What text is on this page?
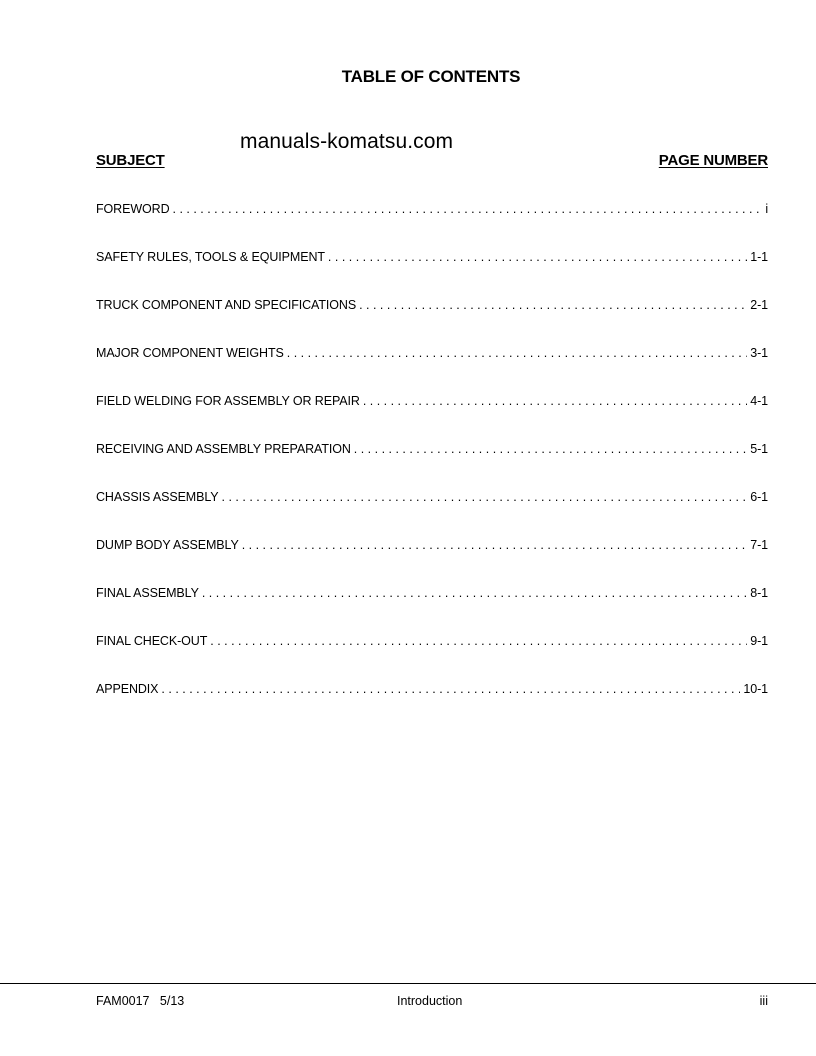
TABLE OF CONTENTS
manuals-komatsu.com
SUBJECT	PAGE NUMBER
FOREWORD . . .	i
SAFETY RULES, TOOLS & EQUIPMENT . . .	1-1
TRUCK COMPONENT AND SPECIFICATIONS . . .	2-1
MAJOR COMPONENT WEIGHTS . . .	3-1
FIELD WELDING FOR ASSEMBLY OR REPAIR . . .	4-1
RECEIVING AND ASSEMBLY PREPARATION . . .	5-1
CHASSIS ASSEMBLY . . .	6-1
DUMP BODY ASSEMBLY . . .	7-1
FINAL ASSEMBLY . . .	8-1
FINAL CHECK-OUT . . .	9-1
APPENDIX . . .	10-1
FAM0017   5/13	Introduction	iii
